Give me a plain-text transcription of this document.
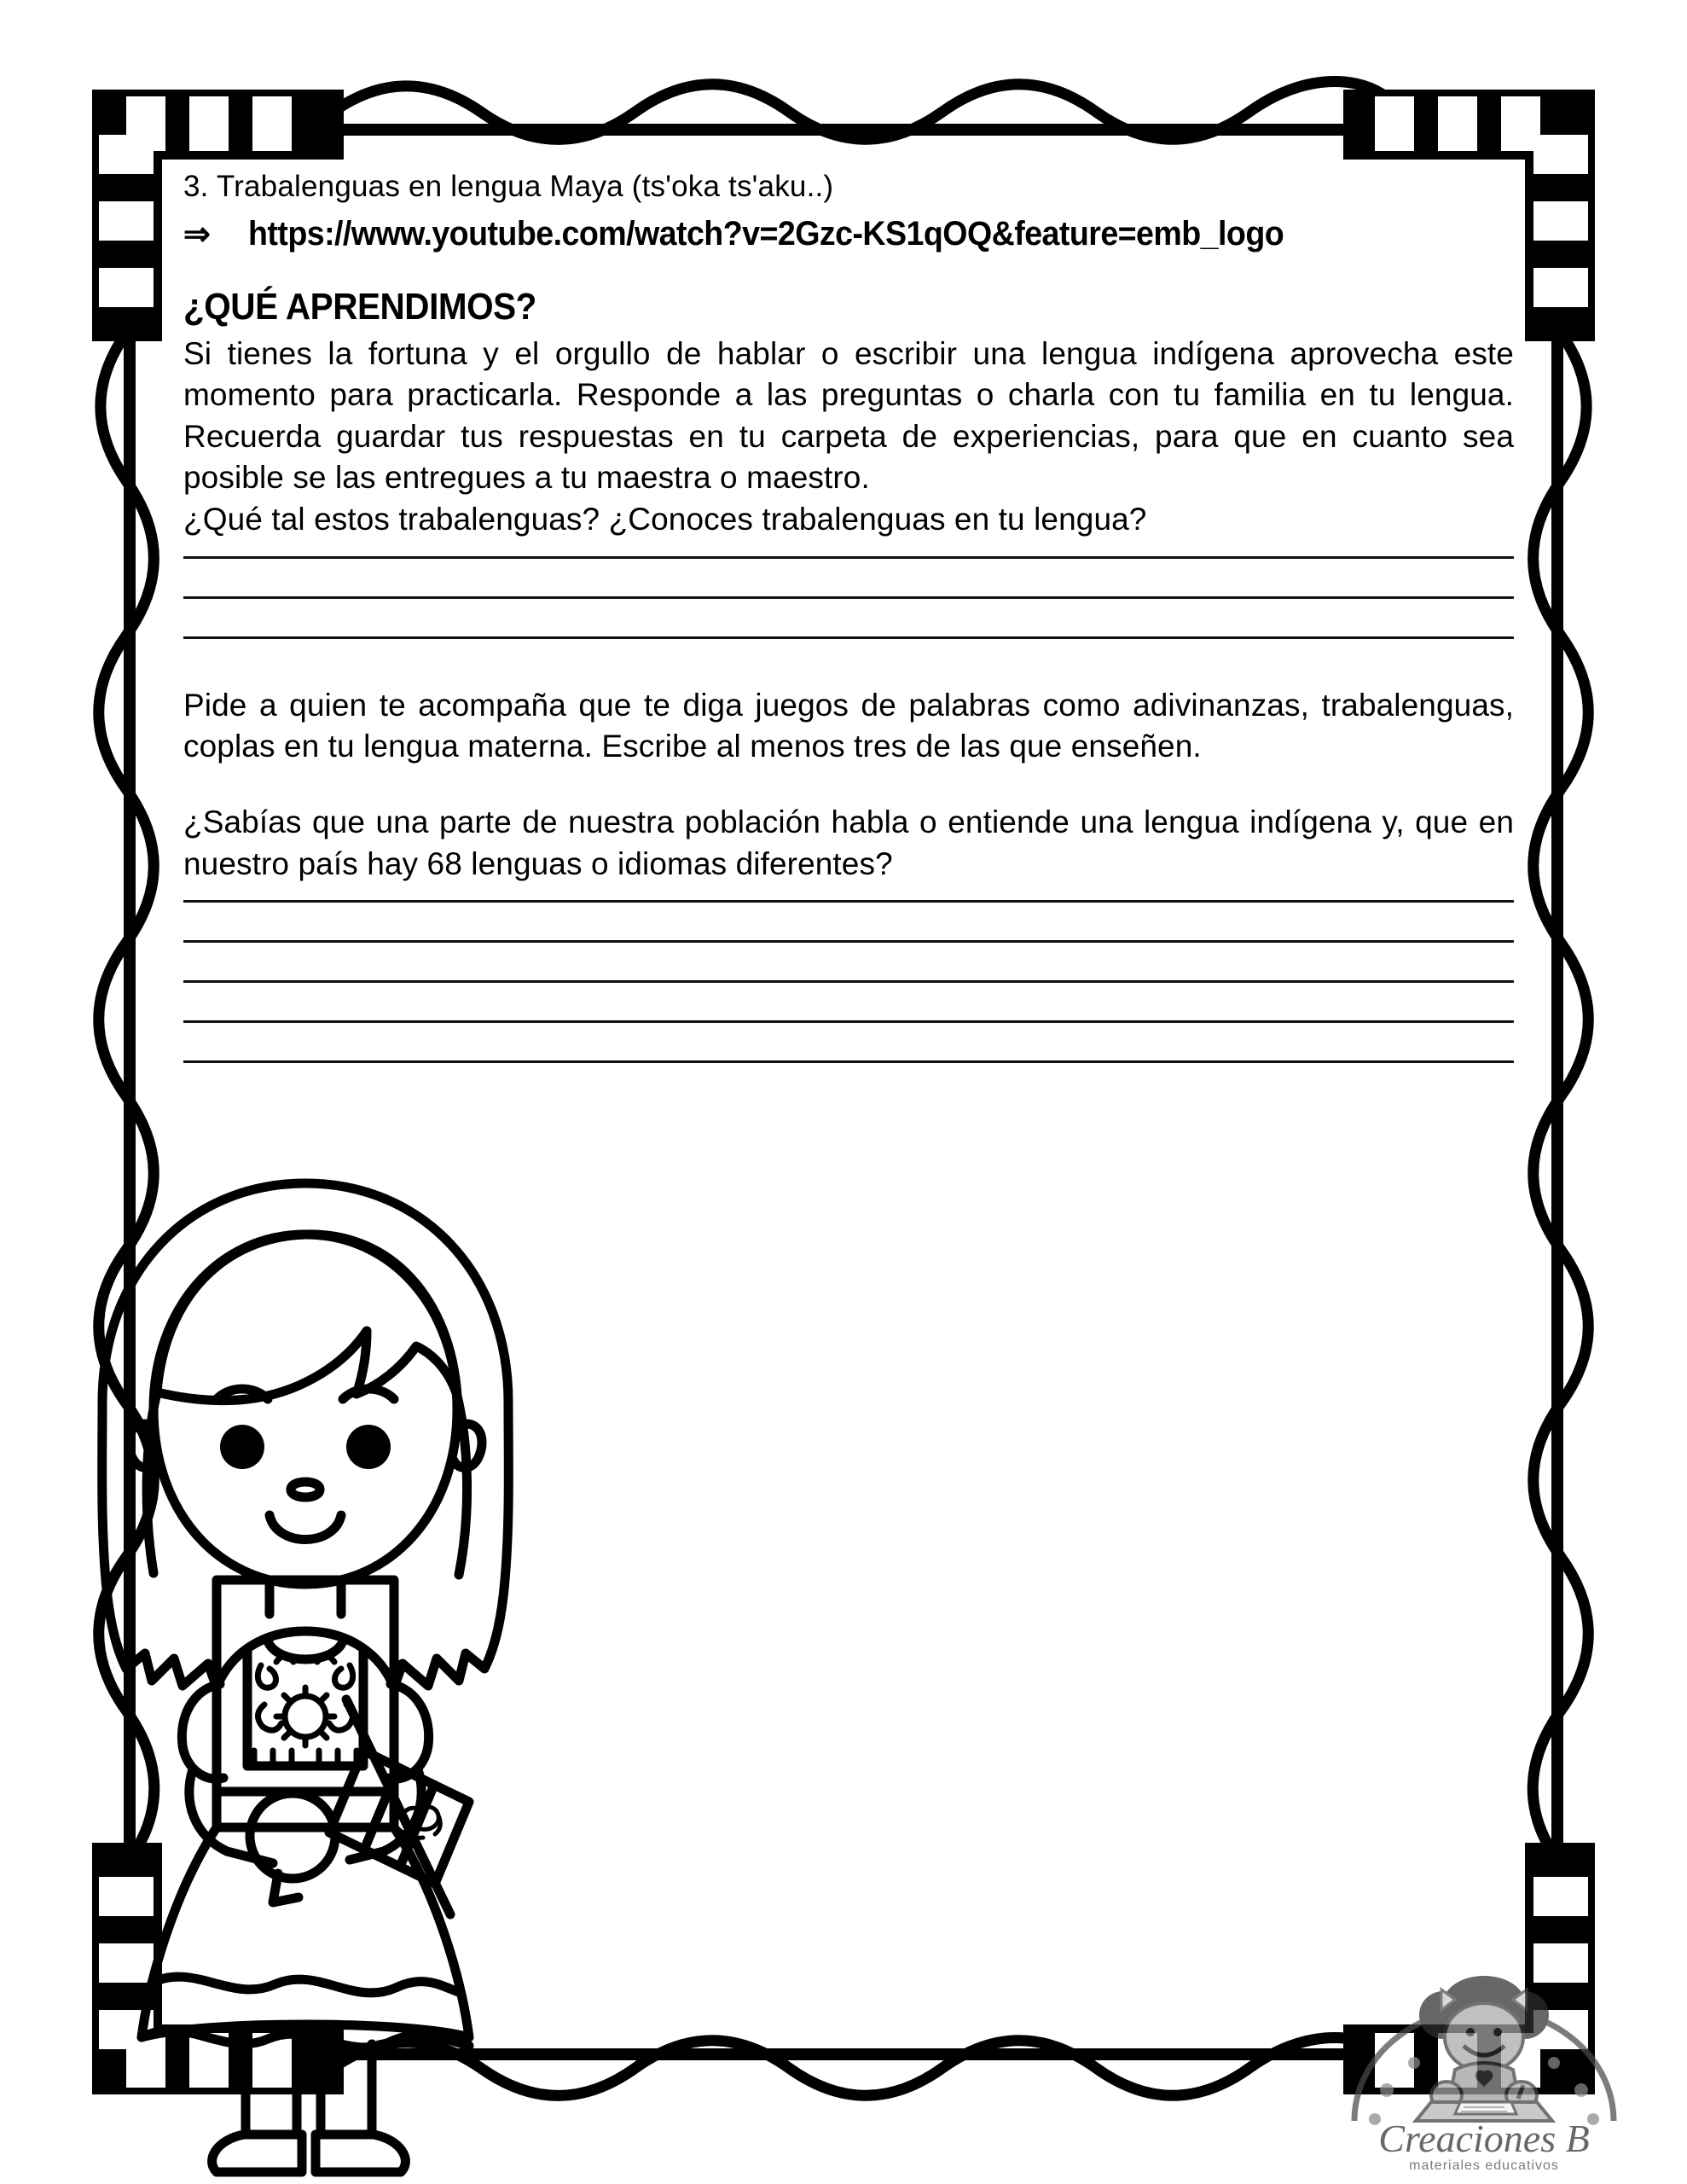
3. Trabalenguas en lengua Maya (ts'oka ts'aku..)
⇒	https://www.youtube.com/watch?v=2Gzc-KS1qOQ&feature=emb_logo
¿QUÉ APRENDIMOS?

Si tienes la fortuna y el orgullo de hablar o escribir una lengua indígena aprovecha este momento para practicarla. Responde a las preguntas o charla con tu familia en tu lengua. Recuerda guardar tus respuestas en tu carpeta de experiencias, para que en cuanto sea posible se las entregues a tu maestra o maestro.

¿Qué tal estos trabalenguas? ¿Conoces trabalenguas en tu lengua?

Pide a quien te acompaña que te diga juegos de palabras como adivinanzas, trabalenguas, coplas en tu lengua materna. Escribe al menos tres de las que enseñen.

¿Sabías que una parte de nuestra población habla o entiende una lengua indígena y, que en nuestro país hay 68 lenguas o idiomas diferentes?

Creaciones B
materiales educativos
